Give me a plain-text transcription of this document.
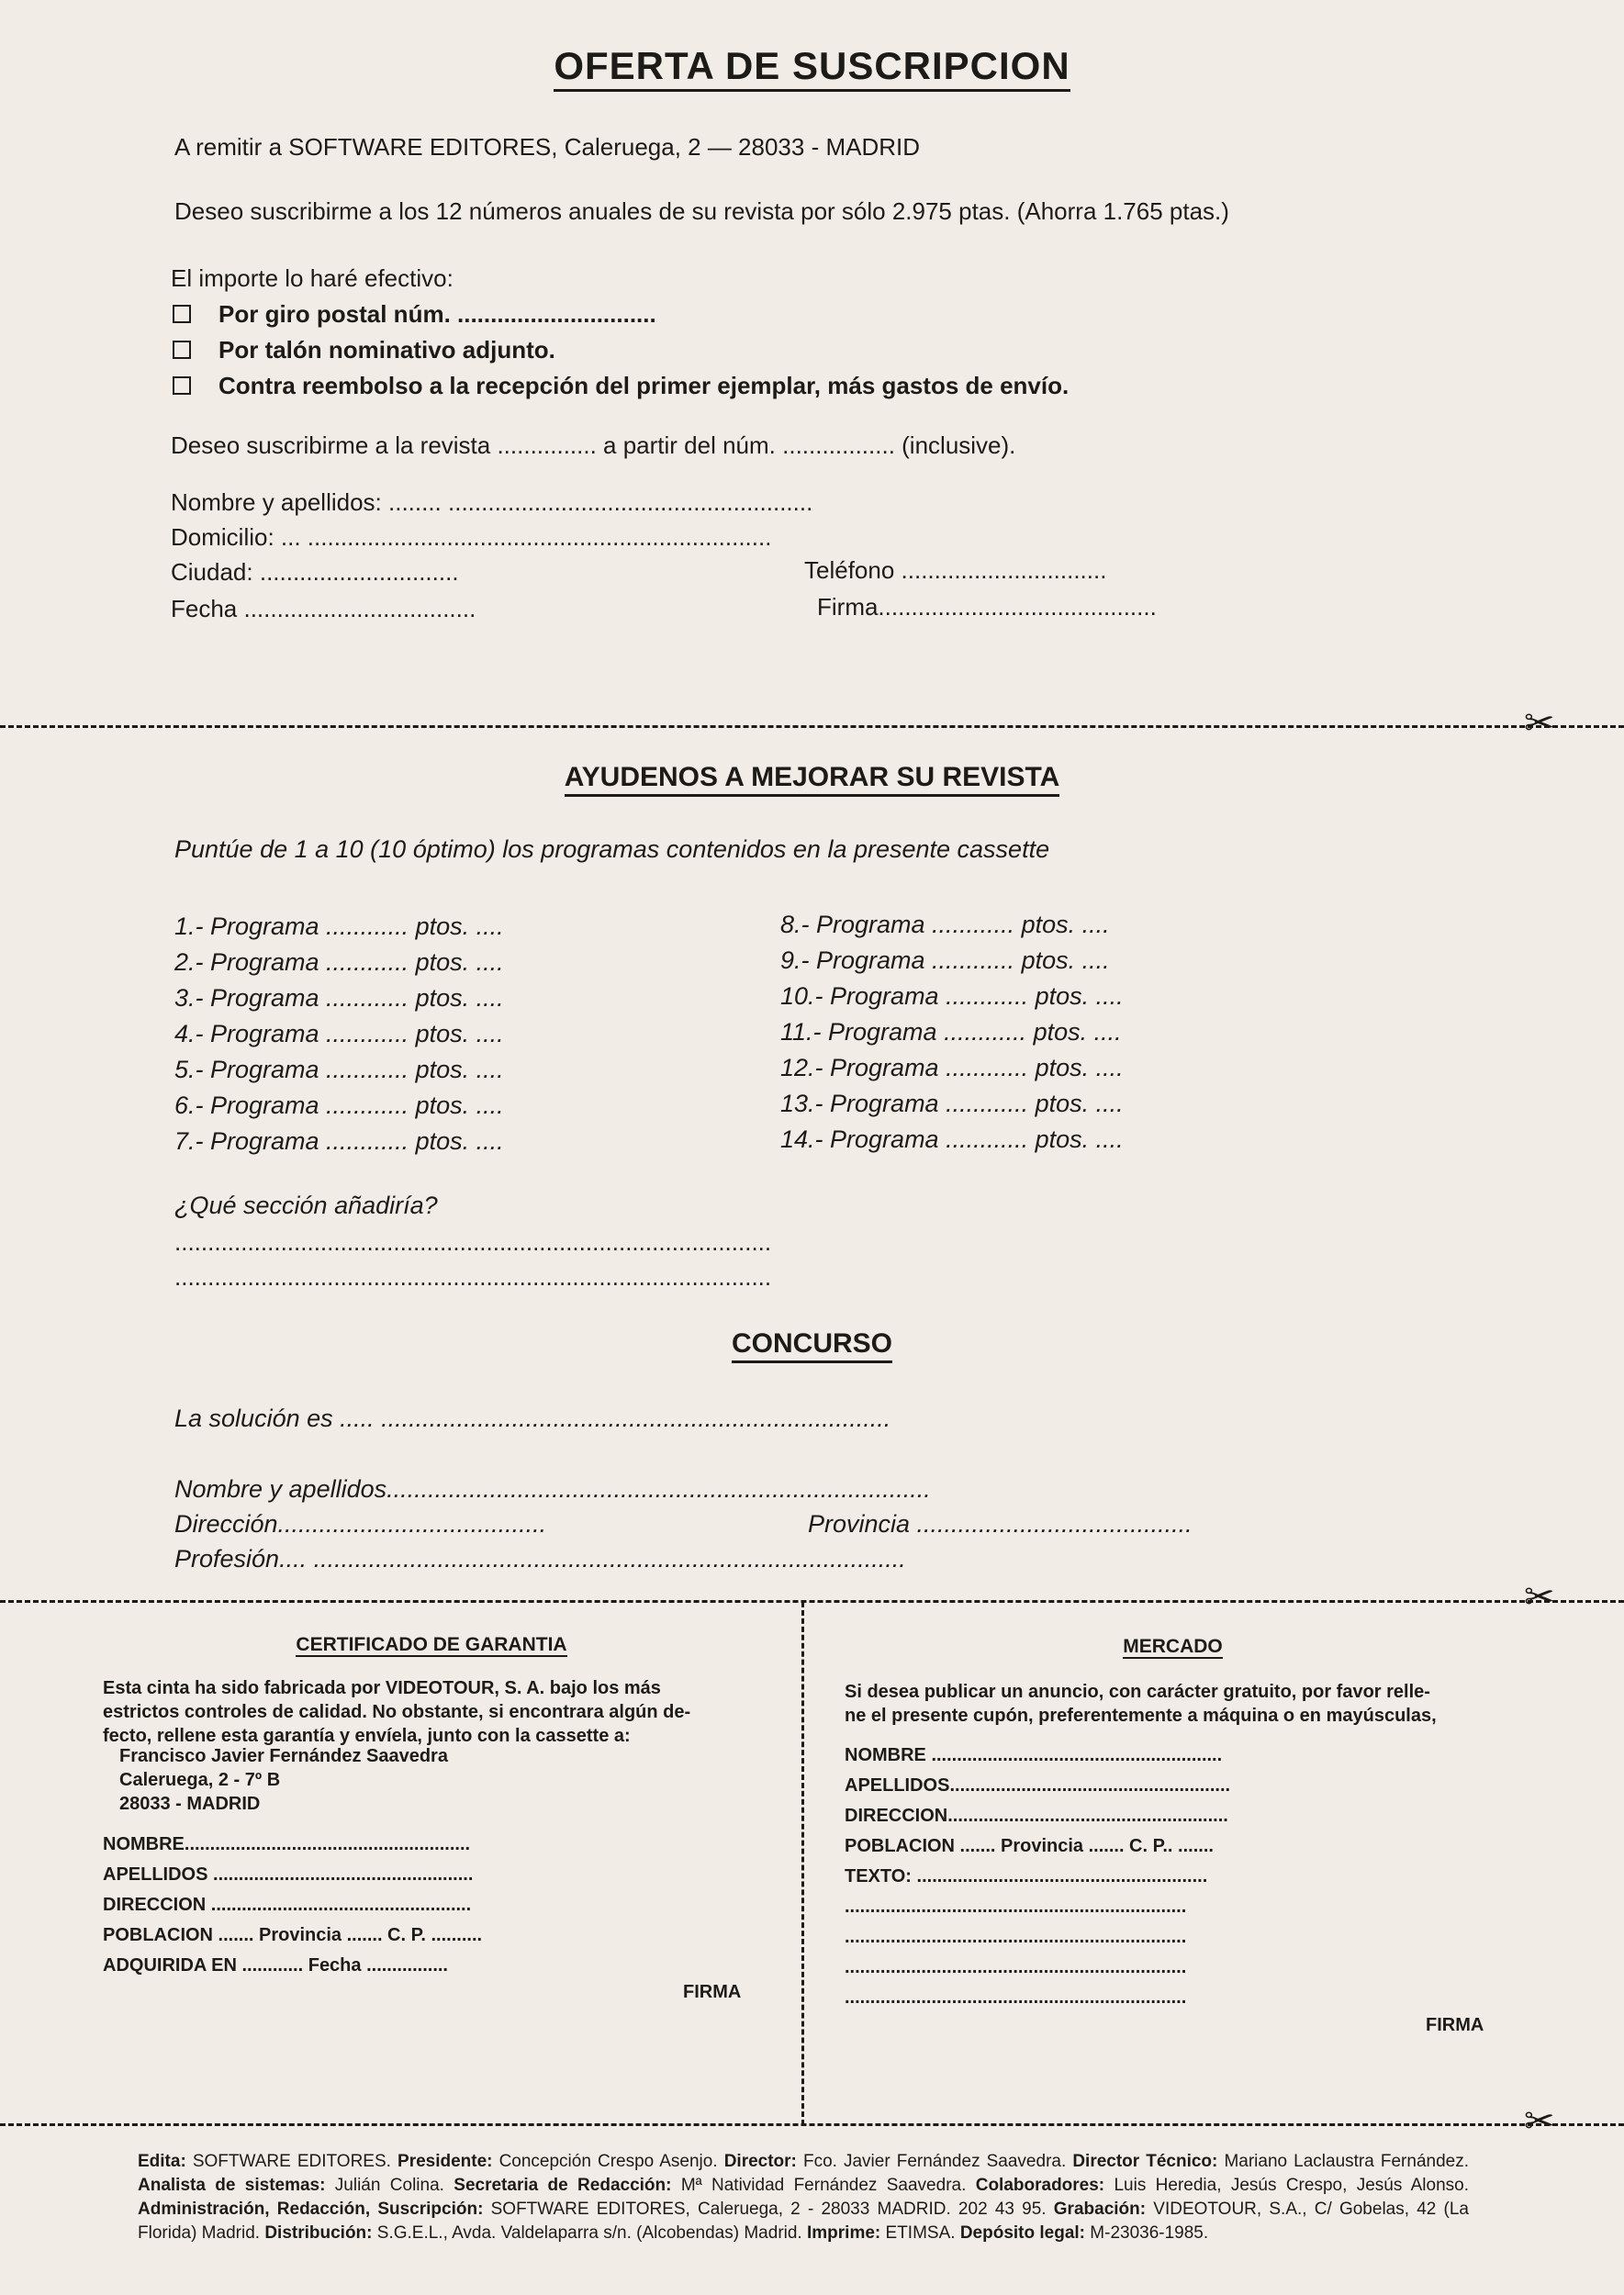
OFERTA DE SUSCRIPCION
A remitir a SOFTWARE EDITORES, Caleruega, 2 — 28033 - MADRID
Deseo suscribirme a los 12 números anuales de su revista por sólo 2.975 ptas. (Ahorra 1.765 ptas.)
El importe lo haré efectivo:
Por giro postal núm. ..............................
Por talón nominativo adjunto.
Contra reembolso a la recepción del primer ejemplar, más gastos de envío.
Deseo suscribirme a la revista ............... a partir del núm. ................. (inclusive).
Nombre y apellidos: ........ .......................................................
Domicilio: ... ......................................................................
Ciudad: ..............................	Teléfono ...............................
Fecha ...................................	Firma..........................................
✂
AYUDENOS A MEJORAR SU REVISTA
Puntúe de 1 a 10 (10 óptimo) los programas contenidos en la presente cassette
1.- Programa ............ ptos. ....
2.- Programa ............ ptos. ....
3.- Programa ............ ptos. ....
4.- Programa ............ ptos. ....
5.- Programa ............ ptos. ....
6.- Programa ............ ptos. ....
7.- Programa ............ ptos. ....
8.- Programa ............ ptos. ....
9.- Programa ............ ptos. ....
10.- Programa ............ ptos. ....
11.- Programa ............ ptos. ....
12.- Programa ............ ptos. ....
13.- Programa ............ ptos. ....
14.- Programa ............ ptos. ....
¿Qué sección añadiría?
..........................................................................................
..........................................................................................
CONCURSO
La solución es ..... ..........................................................................
Nombre y apellidos...............................................................................
Dirección.......................................	Provincia ........................................
Profesión.... ......................................................................................
✂
CERTIFICADO DE GARANTIA
Esta cinta ha sido fabricada por VIDEOTOUR, S. A. bajo los más
estrictos controles de calidad. No obstante, si encontrara algún de-
fecto, rellene esta garantía y envíela, junto con la cassette a:
Francisco Javier Fernández Saavedra
Caleruega, 2 - 7º B
28033 - MADRID
NOMBRE........................................................
APELLIDOS ...................................................
DIRECCION ...................................................
POBLACION ....... Provincia ....... C. P. ..........
ADQUIRIDA EN ............ Fecha ................
FIRMA
MERCADO
Si desea publicar un anuncio, con carácter gratuito, por favor relle-
ne el presente cupón, preferentemente a máquina o en mayúsculas,
NOMBRE .........................................................
APELLIDOS.......................................................
DIRECCION.......................................................
POBLACION ....... Provincia ....... C. P.. .......
TEXTO: .........................................................
...................................................................
...................................................................
...................................................................
...................................................................
FIRMA
✂
Edita: SOFTWARE EDITORES. Presidente: Concepción Crespo Asenjo. Director: Fco. Javier Fernández Saavedra. Director Técnico: Mariano Laclaustra Fernández. Analista de sistemas: Julián Colina. Secretaria de Redacción: Mª Natividad Fernández Saavedra. Colaboradores: Luis Heredia, Jesús Crespo, Jesús Alonso. Administración, Redacción, Suscripción: SOFTWARE EDITORES, Caleruega, 2 - 28033 MADRID. 202 43 95. Grabación: VIDEOTOUR, S.A., C/ Gobelas, 42 (La Florida) Madrid. Distribución: S.G.E.L., Avda. Valdelaparra s/n. (Alcobendas) Madrid. Imprime: ETIMSA. Depósito legal: M-23036-1985.
